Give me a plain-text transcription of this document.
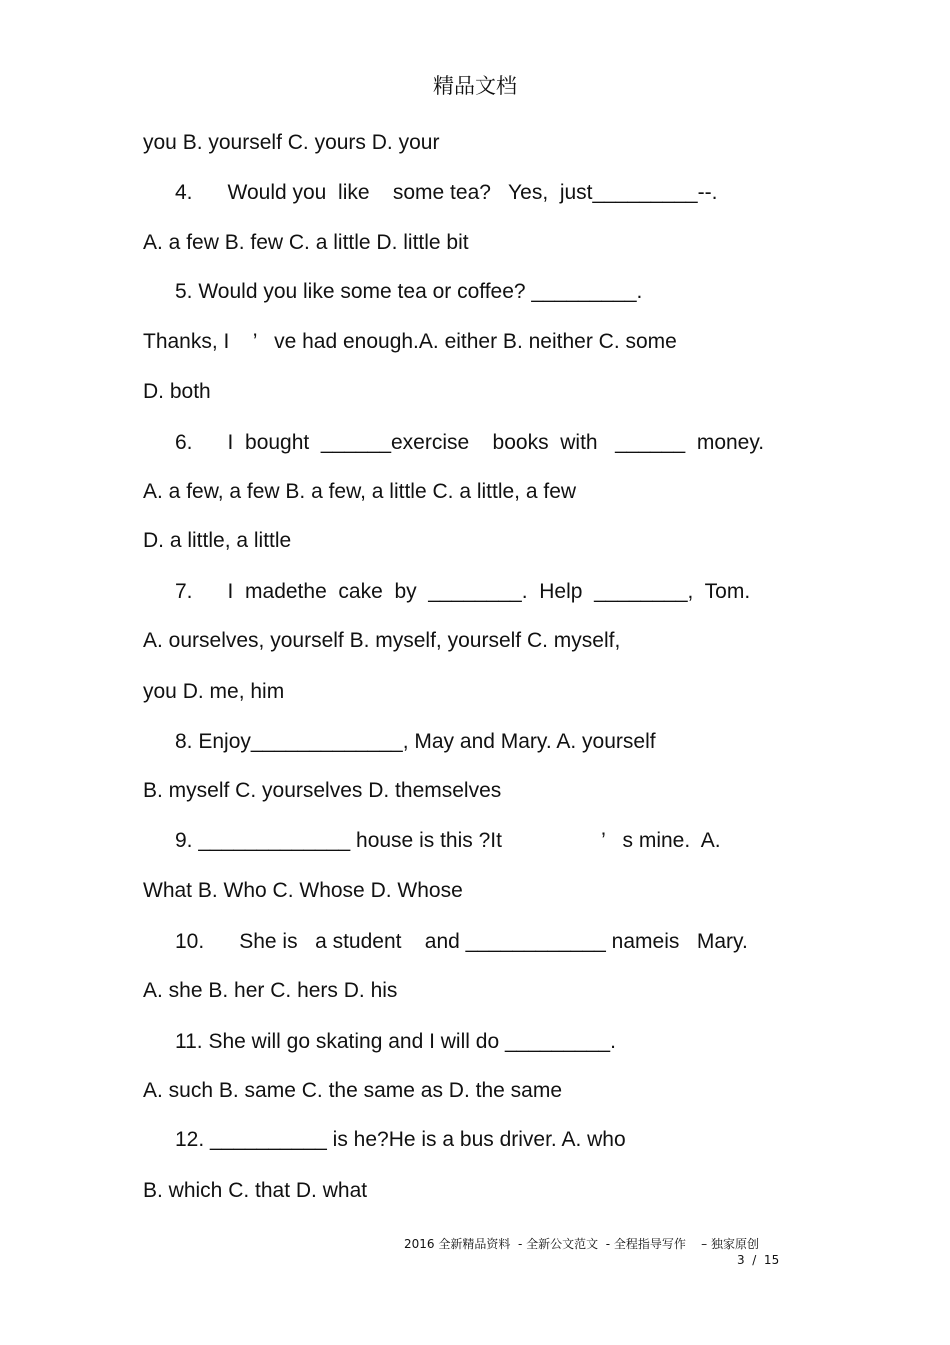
精品文档
you B. yourself C. yours D. your
4.      Would you  like    some tea?   Yes,  just_________--.
A. a few B. few C. a little D. little bit
5. Would you like some tea or coffee? _________.
Thanks, I    ’   ve had enough.A. either B. neither C. some
D. both
6.      I  bought  ______exercise    books  with   ______  money.
A. a few, a few B. a few, a little C. a little, a few
D. a little, a little
7.      I  madethe  cake  by  ________.  Help  ________,  Tom.
A. ourselves, yourself B. myself, yourself C. myself,
you D. me, him
8. Enjoy_____________, May and Mary. A. yourself
B. myself C. yourselves D. themselves
9. _____________ house is this ?It                 ’   s mine.  A.
What B. Who C. Whose D. Whose
10.      She is   a student    and ____________ nameis   Mary.
A. she B. her C. hers D. his
11. She will go skating and I will do _________.
A. such B. same C. the same as D. the same
12. __________ is he?He is a bus driver. A. who
B. which C. that D. what
2016 全新精品资料  - 全新公文范文  - 全程指导写作    – 独家原创
3  /  15
